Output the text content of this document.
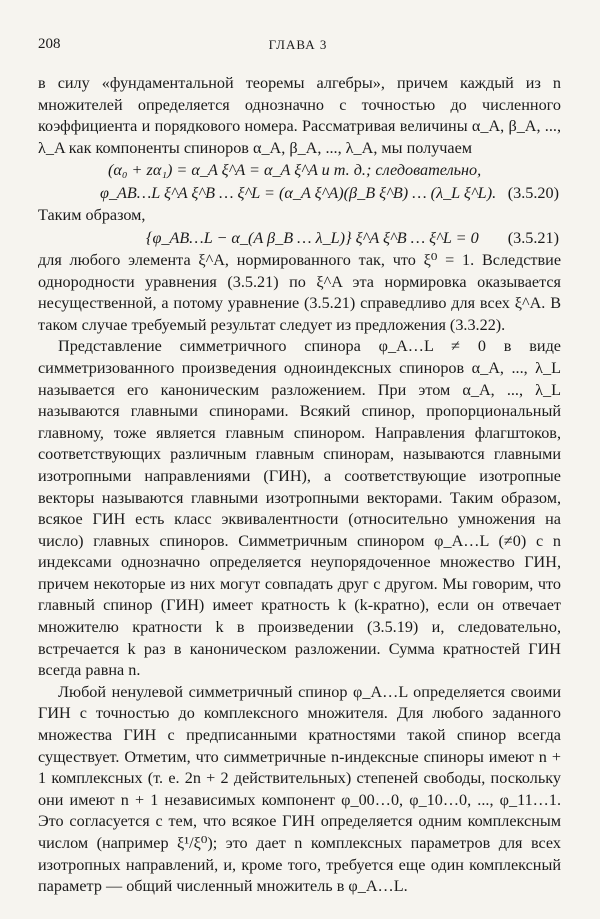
208	ГЛАВА 3

в силу «фундаментальной теоремы алгебры», причем каждый из n множителей определяется однозначно с точностью до численного коэффициента и порядкового номера. Рассматривая величины α_A, β_A, ..., λ_A как компоненты спиноров α_A, β_A, ..., λ_A, мы получаем

(α₀ + zα₁) = α_A ξ^A = α_A ξ^A и т. д.; следовательно,
φ_AB…L ξ^A ξ^B … ξ^L = (α_A ξ^A)(β_B ξ^B) … (λ_L ξ^L). (3.5.20)

Таким образом,

{φ_AB…L − α_(A β_B … λ_L)} ξ^A ξ^B … ξ^L = 0 (3.5.21)

для любого элемента ξ^A, нормированного так, что ξ⁰ = 1. Вследствие однородности уравнения (3.5.21) по ξ^A эта нормировка оказывается несущественной, а потому уравнение (3.5.21) справедливо для всех ξ^A. В таком случае требуемый результат следует из предложения (3.3.22).

Представление симметричного спинора φ_A…L ≠ 0 в виде симметризованного произведения одноиндексных спиноров α_A, ..., λ_L называется его каноническим разложением. При этом α_A, ..., λ_L называются главными спинорами. Всякий спинор, пропорциональный главному, тоже является главным спинором. Направления флагштоков, соответствующих различным главным спинорам, называются главными изотропными направлениями (ГИН), а соответствующие изотропные векторы называются главными изотропными векторами. Таким образом, всякое ГИН есть класс эквивалентности (относительно умножения на число) главных спиноров. Симметричным спинором φ_A…L (≠0) с n индексами однозначно определяется неупорядоченное множество ГИН, причем некоторые из них могут совпадать друг с другом. Мы говорим, что главный спинор (ГИН) имеет кратность k (k-кратно), если он отвечает множителю кратности k в произведении (3.5.19) и, следовательно, встречается k раз в каноническом разложении. Сумма кратностей ГИН всегда равна n.

Любой ненулевой симметричный спинор φ_A…L определяется своими ГИН с точностью до комплексного множителя. Для любого заданного множества ГИН с предписанными кратностями такой спинор всегда существует. Отметим, что симметричные n-индексные спиноры имеют n + 1 комплексных (т. е. 2n + 2 действительных) степеней свободы, поскольку они имеют n + 1 независимых компонент φ_00…0, φ_10…0, ..., φ_11…1. Это согласуется с тем, что всякое ГИН определяется одним комплексным числом (например ξ¹/ξ⁰); это дает n комплексных параметров для всех изотропных направлений, и, кроме того, требуется еще один комплексный параметр — общий численный множитель в φ_A…L.
